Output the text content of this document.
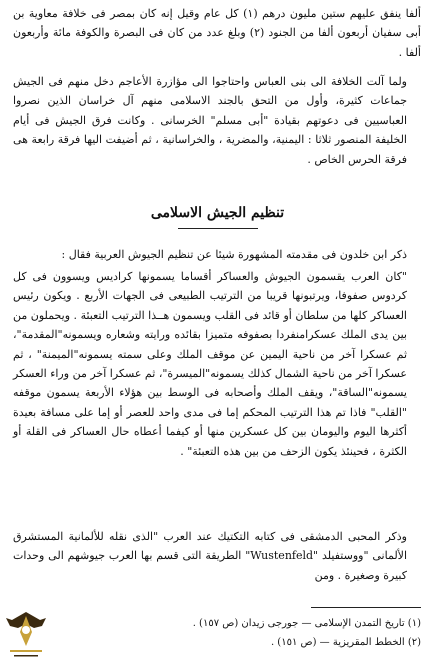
ألفا ينفق عليهم ستين مليون درهم (١) كل عام وقيل إنه كان بمصر فى خلافة معاوية بن أبى سفيان أربعون ألفا من الجنود (٢) وبلغ عدد من كان فى البصرة والكوفة مائة وأربعون ألفا .

ولما آلت الخلافة الى بنى العباس واحتاجوا الى مؤازرة الأعاجم دخل منهم فى الجيش جماعات كثيرة، وأول من التحق بالجند الاسلامى منهم آل خراسان الذين نصروا العباسيين فى دعوتهم بقيادة "أبى مسلم" الخرسانى . وكانت فرق الجيش فى أيام الخليفة المنصور ثلاثا : اليمنية، والمضرية ، والخراسانية ، ثم أضيفت اليها فرقة رابعة هى فرقة الحرس الخاص .

تنظيم الجيش الاسلامى

ذكر ابن خلدون فى مقدمته المشهورة شيئا عن تنظيم الجيوش العربية فقال :

"كان العرب يقسمون الجيوش والعساكر أقساما يسمونها كراديس ويسوون فى كل كردوس صفوفا، ويرتبونها قريبا من الترتيب الطبيعى فى الجهات الأربع . ويكون رئيس العساكر كلها من سلطان أو قائد فى القلب ويسمون هــذا الترتيب التعبئة . ويحملون من بين يدى الملك عسكرامنفردا بصفوفه متميزا بقائده ورايته وشعاره ويسمونه"المقدمة"، ثم عسكرا آخر من ناحية اليمين عن موقف الملك وعلى سمته يسمونه"الميمنة" ، ثم عسكرا آخر من ناحية الشمال كذلك يسمونه"الميسرة"، ثم عسكرا آخر من وراء العسكر يسمونه"الساقة"، ويقف الملك وأصحابه فى الوسط بين هؤلاء الأربعة يسمون موقفه "القلب" فاذا تم هذا الترتيب المحكم إما فى مدى واحد للعصر أو إما على مسافة بعيدة أكثرها اليوم واليومان بين كل عسكرين منها أو كيفما أعطاه حال العساكر فى القلة أو الكثرة ، فحينئذ يكون الزحف من بين هذه التعبئة" .

وذكر المحبى الدمشقى فى كتابه التكتيك عند العرب "الذى نقله للألمانية المستشرق الألمانى "ووستفيلد "Wustenfeld" الطريقة التى قسم بها العرب جيوشهم الى وحدات كبيرة وصغيرة . ومن

(١) تاريخ التمدن الإسلامى — جورجى زيدان (ص ١٥٧) .

(٢) الخطط المقريزية — (ص ١٥١) .
